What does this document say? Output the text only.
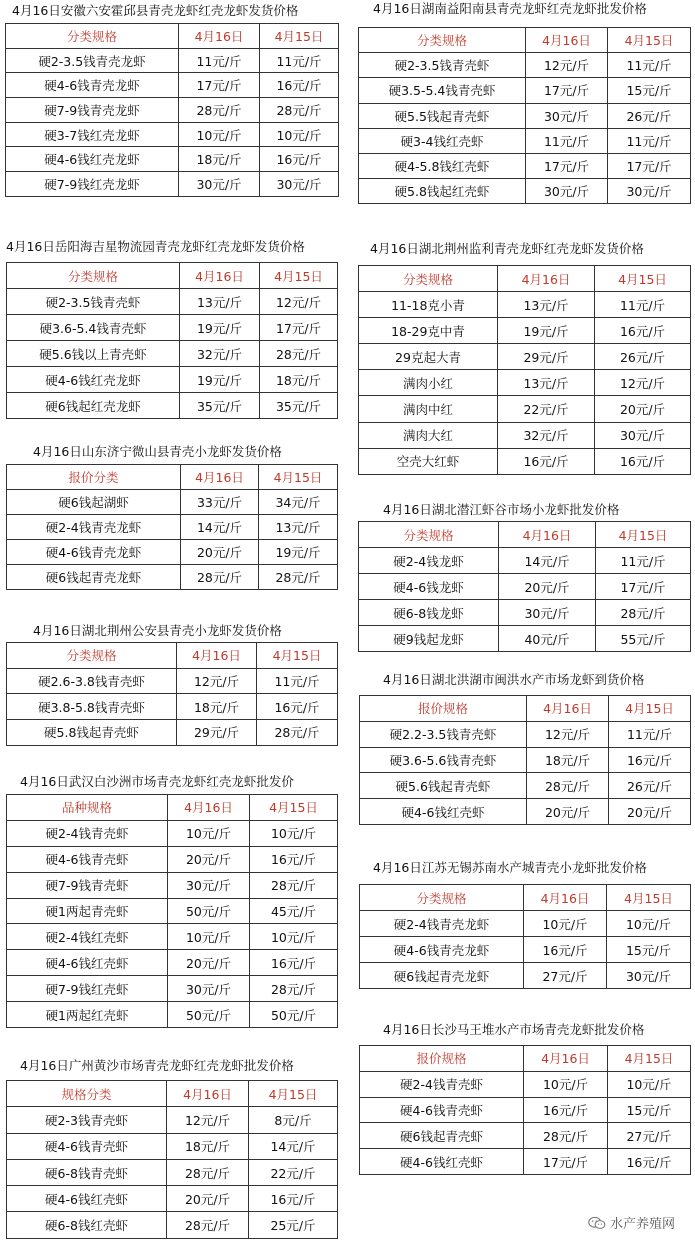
4月16日安徽六安霍邱县青壳龙虾红壳龙虾发货价格
分类规格	4月16日	4月15日
硬2-3.5钱青壳龙虾	11元/斤	11元/斤
硬4-6钱青壳龙虾	17元/斤	16元/斤
硬7-9钱青壳龙虾	28元/斤	28元/斤
硬3-7钱红壳龙虾	10元/斤	10元/斤
硬4-6钱红壳龙虾	18元/斤	16元/斤
硬7-9钱红壳龙虾	30元/斤	30元/斤
4月16日湖南益阳南县青壳龙虾红壳龙虾批发价格
分类规格	4月16日	4月15日
硬2-3.5钱青壳虾	12元/斤	11元/斤
硬3.5-5.4钱青壳虾	17元/斤	15元/斤
硬5.5钱起青壳虾	30元/斤	26元/斤
硬3-4钱红壳虾	11元/斤	11元/斤
硬4-5.8钱红壳虾	17元/斤	17元/斤
硬5.8钱起红壳虾	30元/斤	30元/斤
4月16日岳阳海吉星物流园青壳龙虾红壳龙虾发货价格
分类规格	4月16日	4月15日
硬2-3.5钱青壳虾	13元/斤	12元/斤
硬3.6-5.4钱青壳虾	19元/斤	17元/斤
硬5.6钱以上青壳虾	32元/斤	28元/斤
硬4-6钱红壳龙虾	19元/斤	18元/斤
硬6钱起红壳龙虾	35元/斤	35元/斤
4月16日湖北荆州监利青壳龙虾红壳龙虾发货价格
分类规格	4月16日	4月15日
11-18克小青	13元/斤	11元/斤
18-29克中青	19元/斤	16元/斤
29克起大青	29元/斤	26元/斤
满肉小红	13元/斤	12元/斤
满肉中红	22元/斤	20元/斤
满肉大红	32元/斤	30元/斤
空壳大红虾	16元/斤	16元/斤
4月16日山东济宁微山县青壳小龙虾发货价格
报价分类	4月16日	4月15日
硬6钱起湖虾	33元/斤	34元/斤
硬2-4钱青壳龙虾	14元/斤	13元/斤
硬4-6钱青壳龙虾	20元/斤	19元/斤
硬6钱起青壳龙虾	28元/斤	28元/斤
4月16日湖北潜江虾谷市场小龙虾批发价格
分类规格	4月16日	4月15日
硬2-4钱龙虾	14元/斤	11元/斤
硬4-6钱龙虾	20元/斤	17元/斤
硬6-8钱龙虾	30元/斤	28元/斤
硬9钱起龙虾	40元/斤	55元/斤
4月16日湖北荆州公安县青壳小龙虾发货价格
分类规格	4月16日	4月15日
硬2.6-3.8钱青壳虾	12元/斤	11元/斤
硬3.8-5.8钱青壳虾	18元/斤	16元/斤
硬5.8钱起青壳虾	29元/斤	28元/斤
4月16日湖北洪湖市闽洪水产市场龙虾到货价格
报价规格	4月16日	4月15日
硬2.2-3.5钱青壳虾	12元/斤	11元/斤
硬3.6-5.6钱青壳虾	18元/斤	16元/斤
硬5.6钱起青壳虾	28元/斤	26元/斤
硬4-6钱红壳虾	20元/斤	20元/斤
4月16日武汉白沙洲市场青壳龙虾红壳龙虾批发价
品种规格	4月16日	4月15日
硬2-4钱青壳虾	10元/斤	10元/斤
硬4-6钱青壳虾	20元/斤	16元/斤
硬7-9钱青壳虾	30元/斤	28元/斤
硬1两起青壳虾	50元/斤	45元/斤
硬2-4钱红壳虾	10元/斤	10元/斤
硬4-6钱红壳虾	20元/斤	16元/斤
硬7-9钱红壳虾	30元/斤	28元/斤
硬1两起红壳虾	50元/斤	50元/斤
4月16日江苏无锡苏南水产城青壳小龙虾批发价格
分类规格	4月16日	4月15日
硬2-4钱青壳龙虾	10元/斤	10元/斤
硬4-6钱青壳龙虾	16元/斤	15元/斤
硬6钱起青壳龙虾	27元/斤	30元/斤
4月16日长沙马王堆水产市场青壳龙虾批发价格
报价规格	4月16日	4月15日
硬2-4钱青壳虾	10元/斤	10元/斤
硬4-6钱青壳虾	16元/斤	15元/斤
硬6钱起青壳虾	28元/斤	27元/斤
硬4-6钱红壳虾	17元/斤	16元/斤
4月16日广州黄沙市场青壳龙虾红壳龙虾批发价格
规格分类	4月16日	4月15日
硬2-3钱青壳虾	12元/斤	8元/斤
硬4-6钱青壳虾	18元/斤	14元/斤
硬6-8钱青壳虾	28元/斤	22元/斤
硬4-6钱红壳虾	20元/斤	16元/斤
硬6-8钱红壳虾	28元/斤	25元/斤	水产养殖网
